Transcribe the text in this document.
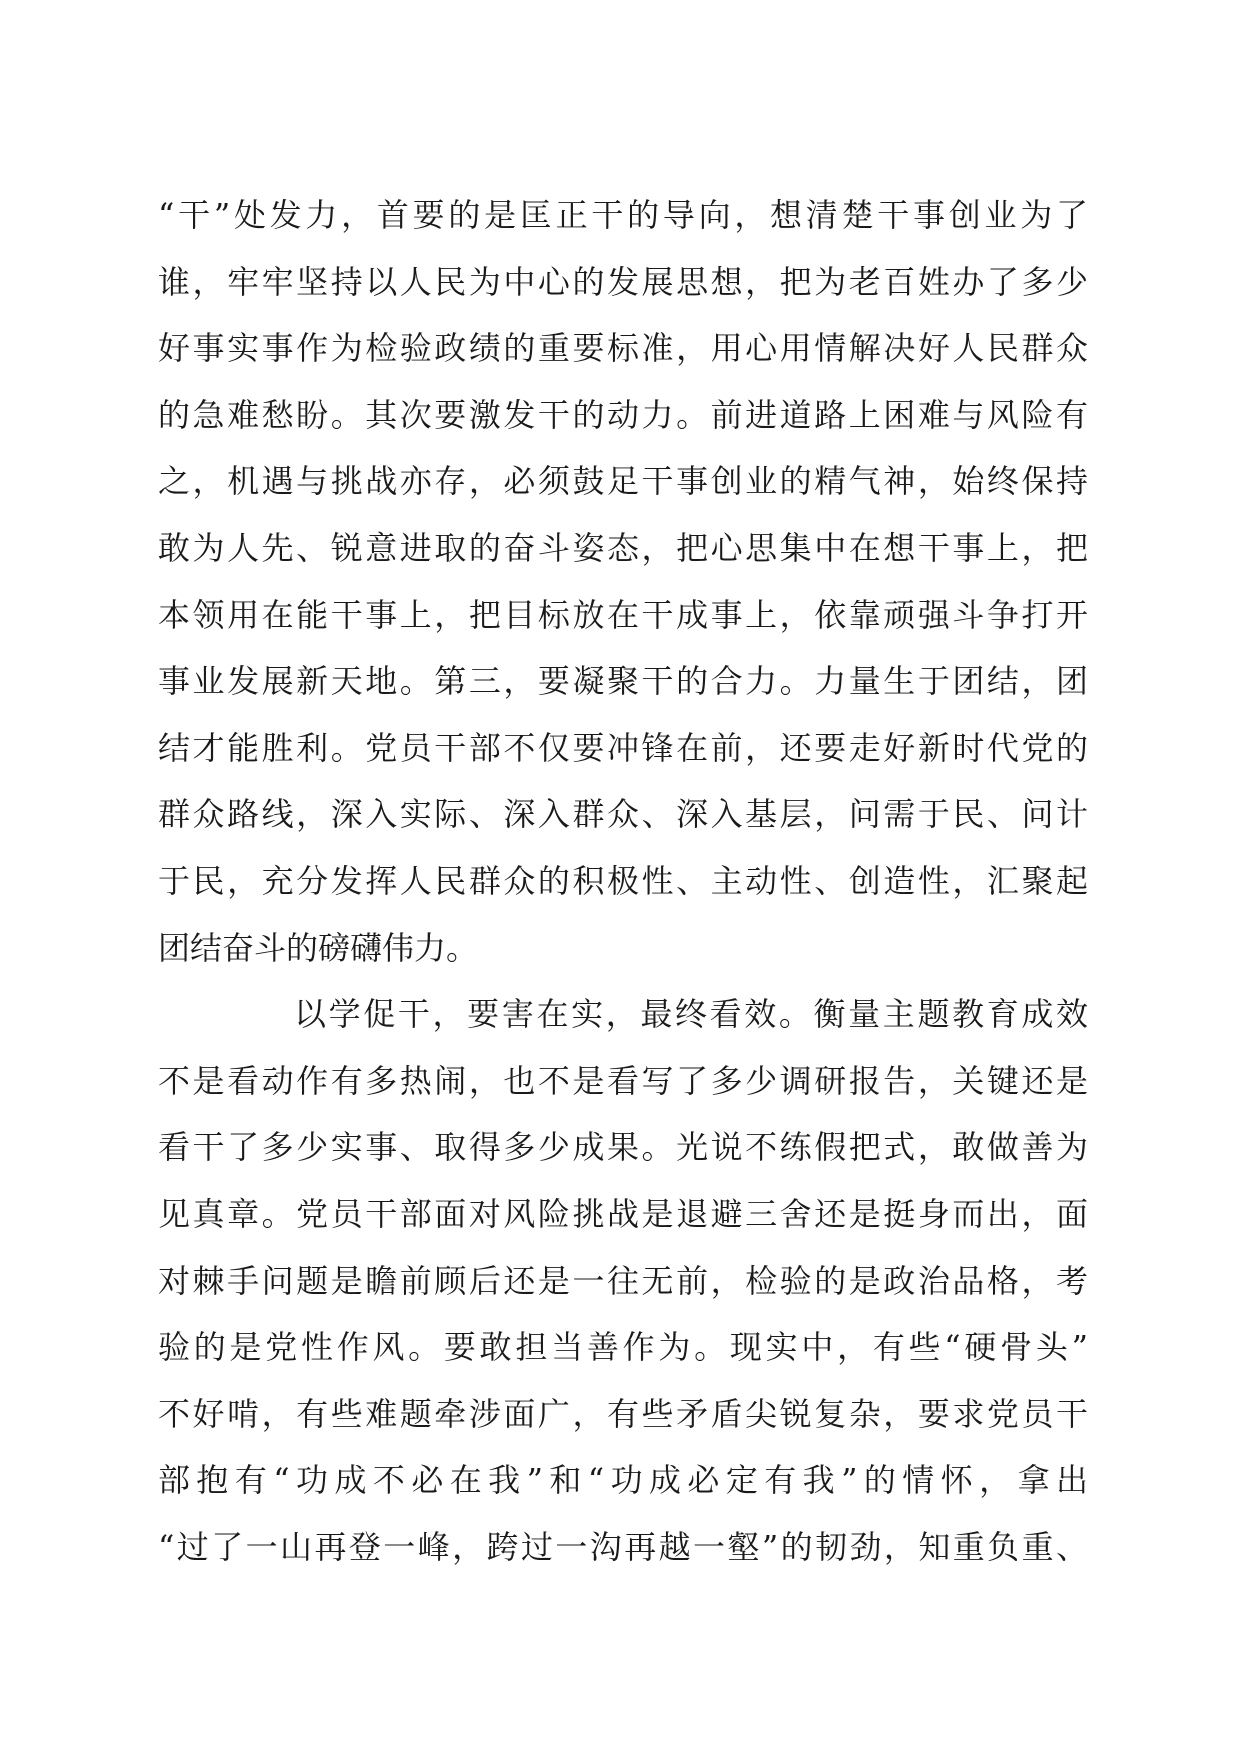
“干”处发力，首要的是匡正干的导向，想清楚干事创业为了
谁，牢牢坚持以人民为中心的发展思想，把为老百姓办了多少
好事实事作为检验政绩的重要标准，用心用情解决好人民群众
的急难愁盼。其次要激发干的动力。前进道路上困难与风险有
之，机遇与挑战亦存，必须鼓足干事创业的精气神，始终保持
敢为人先、锐意进取的奋斗姿态，把心思集中在想干事上，把
本领用在能干事上，把目标放在干成事上，依靠顽强斗争打开
事业发展新天地。第三，要凝聚干的合力。力量生于团结，团
结才能胜利。党员干部不仅要冲锋在前，还要走好新时代党的
群众路线，深入实际、深入群众、深入基层，问需于民、问计
于民，充分发挥人民群众的积极性、主动性、创造性，汇聚起
团结奋斗的磅礴伟力。
以学促干，要害在实，最终看效。衡量主题教育成效
不是看动作有多热闹，也不是看写了多少调研报告，关键还是
看干了多少实事、取得多少成果。光说不练假把式，敢做善为
见真章。党员干部面对风险挑战是退避三舍还是挺身而出，面
对棘手问题是瞻前顾后还是一往无前，检验的是政治品格，考
验的是党性作风。要敢担当善作为。现实中，有些“硬骨头”
不好啃，有些难题牵涉面广，有些矛盾尖锐复杂，要求党员干
部抱有“功成不必在我”和“功成必定有我”的情怀，拿出
“过了一山再登一峰，跨过一沟再越一壑”的韧劲，知重负重、
